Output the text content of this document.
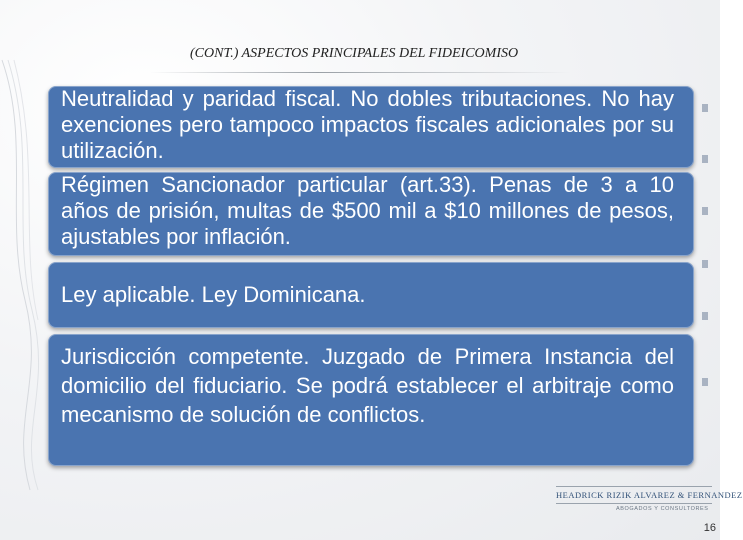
(CONT.) ASPECTOS PRINCIPALES DEL FIDEICOMISO
Neutralidad y paridad fiscal. No dobles tributaciones. No hay exenciones pero tampoco impactos fiscales adicionales por su utilización.
Régimen Sancionador particular (art.33). Penas de 3 a 10 años de prisión, multas de $500 mil a $10 millones de pesos, ajustables por inflación.
Ley aplicable. Ley Dominicana.
Jurisdicción competente. Juzgado de Primera Instancia del domicilio del fiduciario. Se podrá establecer el arbitraje como mecanismo de solución de conflictos.
HEADRICK RIZIK ALVAREZ & FERNANDEZ
ABOGADOS Y CONSULTORES
16
